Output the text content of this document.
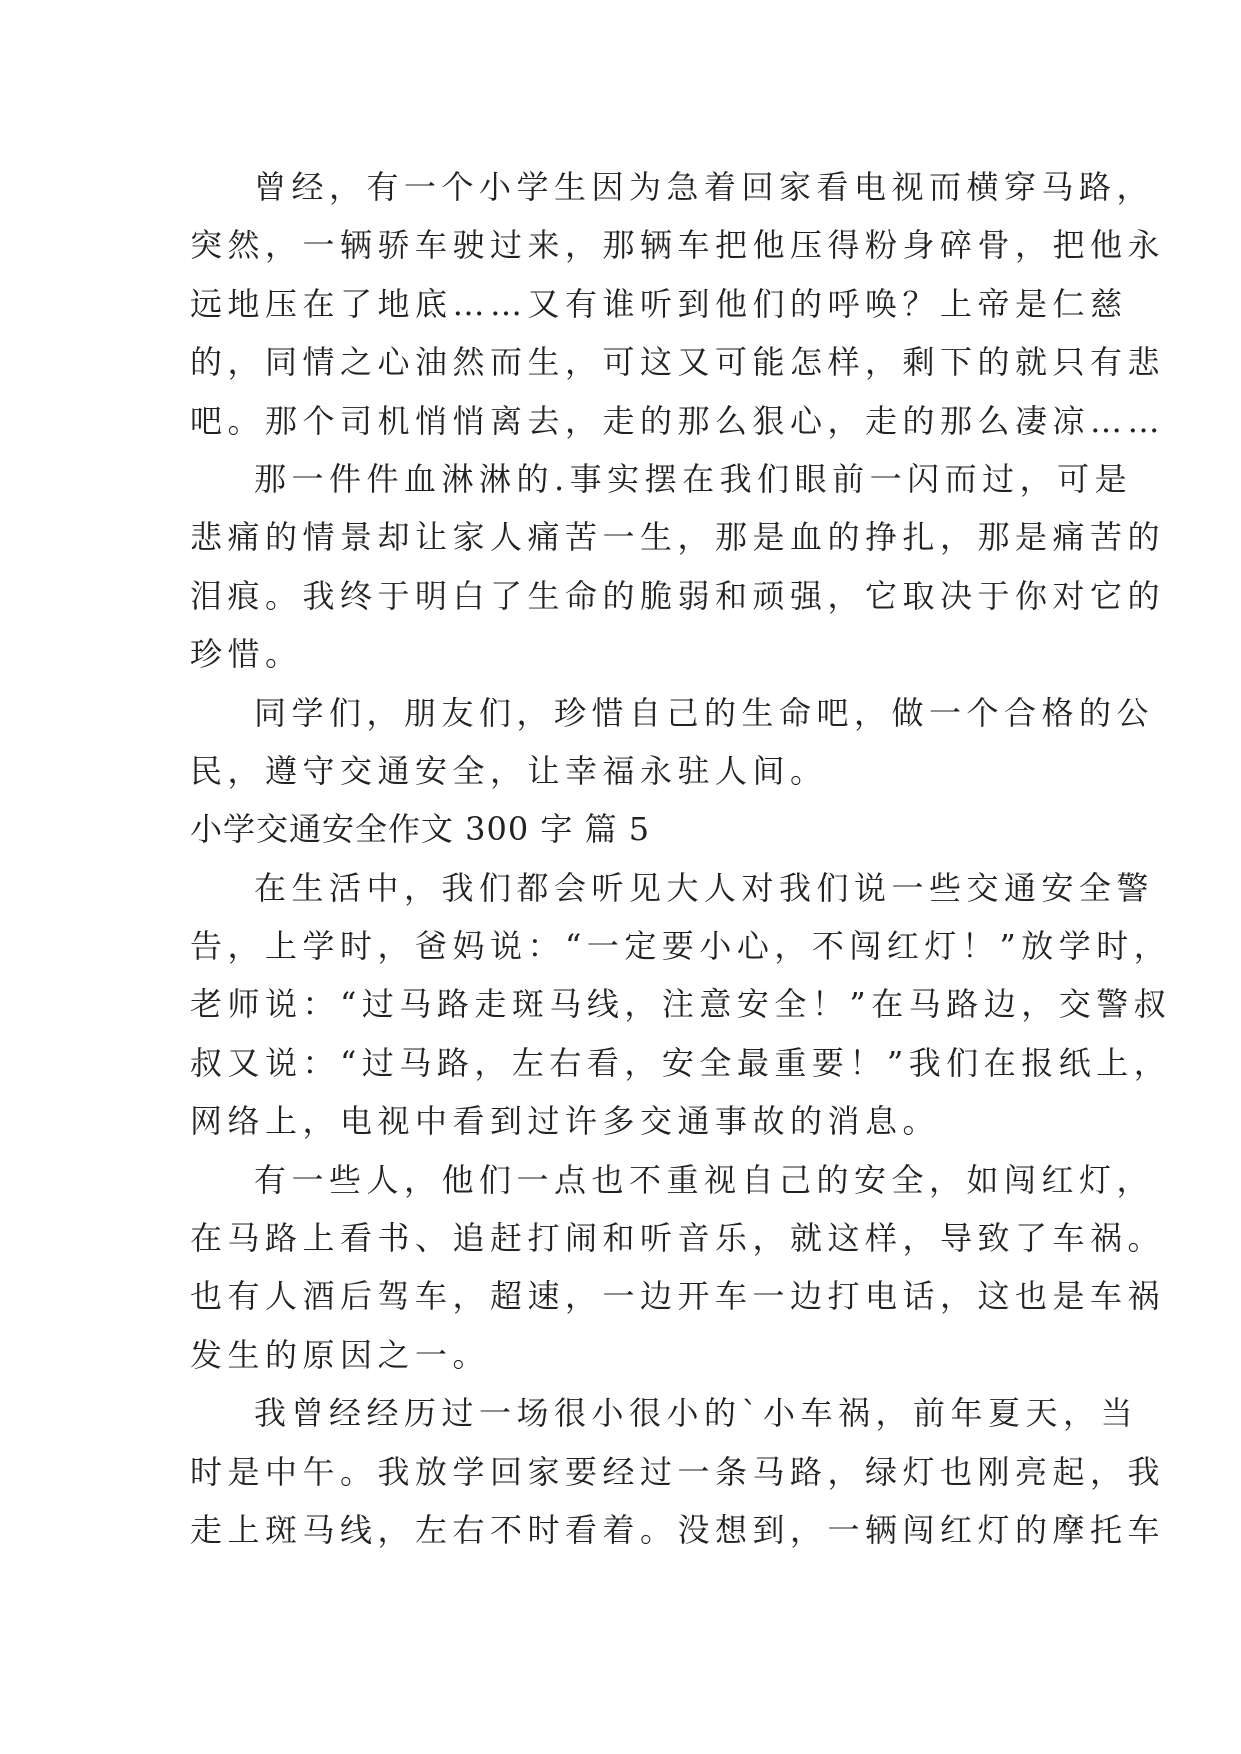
曾经，有一个小学生因为急着回家看电视而横穿马路，
突然，一辆骄车驶过来，那辆车把他压得粉身碎骨，把他永
远地压在了地底……又有谁听到他们的呼唤？上帝是仁慈
的，同情之心油然而生，可这又可能怎样，剩下的就只有悲
吧。那个司机悄悄离去，走的那么狠心，走的那么凄凉……
那一件件血淋淋的.事实摆在我们眼前一闪而过，可是
悲痛的情景却让家人痛苦一生，那是血的挣扎，那是痛苦的
泪痕。我终于明白了生命的脆弱和顽强，它取决于你对它的
珍惜。
同学们，朋友们，珍惜自己的生命吧，做一个合格的公
民，遵守交通安全，让幸福永驻人间。
小学交通安全作文 300 字 篇 5
在生活中，我们都会听见大人对我们说一些交通安全警
告，上学时，爸妈说：“一定要小心，不闯红灯！”放学时，
老师说：“过马路走斑马线，注意安全！”在马路边，交警叔
叔又说：“过马路，左右看，安全最重要！”我们在报纸上，
网络上，电视中看到过许多交通事故的消息。
有一些人，他们一点也不重视自己的安全，如闯红灯，
在马路上看书、追赶打闹和听音乐，就这样，导致了车祸。
也有人酒后驾车，超速，一边开车一边打电话，这也是车祸
发生的原因之一。
我曾经经历过一场很小很小的`小车祸，前年夏天，当
时是中午。我放学回家要经过一条马路，绿灯也刚亮起，我
走上斑马线，左右不时看着。没想到，一辆闯红灯的摩托车
